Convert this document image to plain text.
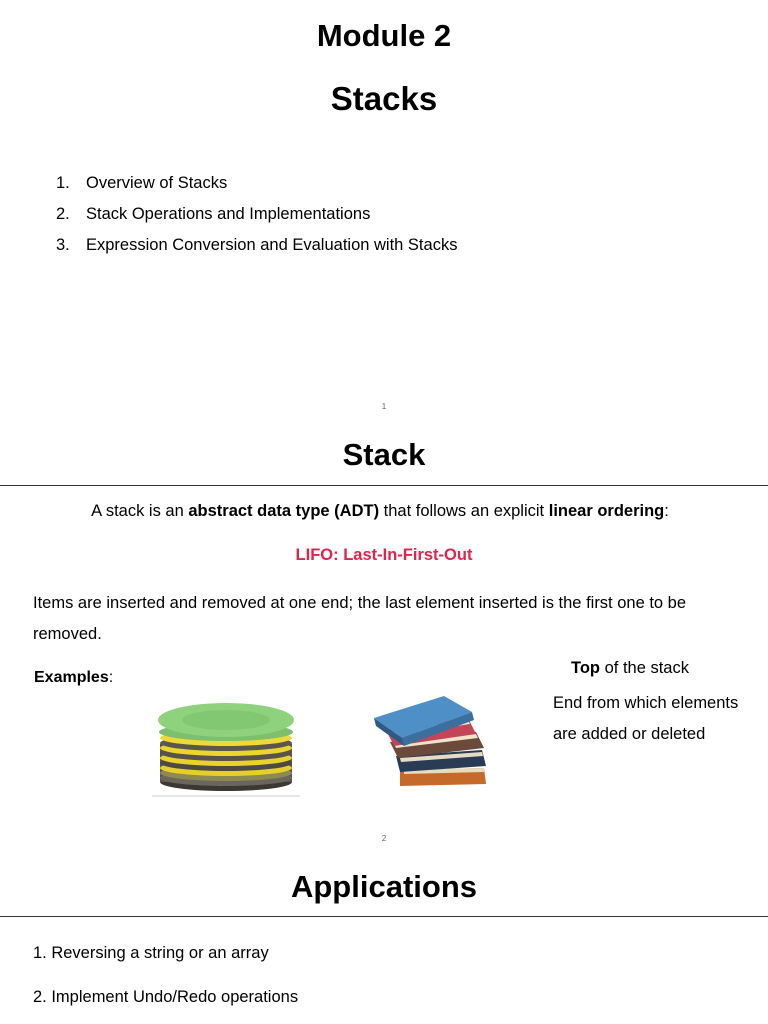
Module 2
Stacks
1. Overview of Stacks
2. Stack Operations and Implementations
3. Expression Conversion and Evaluation with Stacks
1
Stack
A stack is an abstract data type (ADT) that follows an explicit linear ordering:
LIFO: Last-In-First-Out
Items are inserted and removed at one end; the last element inserted is the first one to be
removed.
Examples:
Top of the stack
End from which elements
are added or deleted
2
Applications
1. Reversing a string or an array
2. Implement Undo/Redo operations
